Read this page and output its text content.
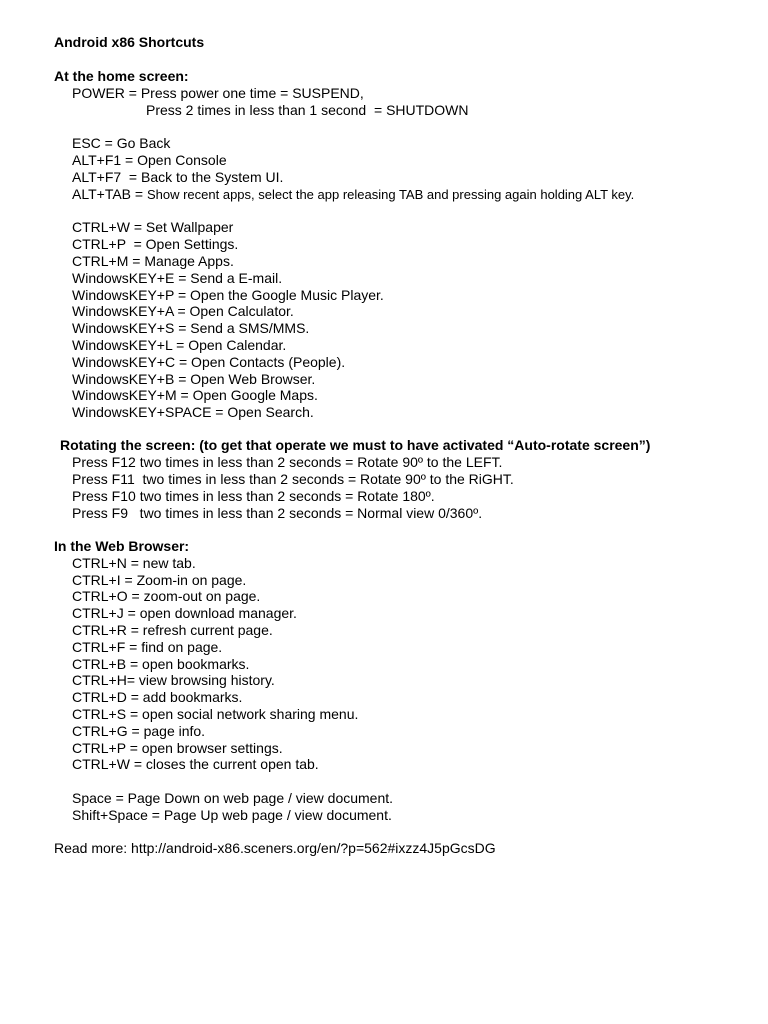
Android x86 Shortcuts
At the home screen:
POWER = Press power one time = SUSPEND,
Press 2 times in less than 1 second  = SHUTDOWN
ESC = Go Back
ALT+F1 = Open Console
ALT+F7  = Back to the System UI.
ALT+TAB = Show recent apps, select the app releasing TAB and pressing again holding ALT key.
CTRL+W = Set Wallpaper
CTRL+P  = Open Settings.
CTRL+M = Manage Apps.
WindowsKEY+E = Send a E-mail.
WindowsKEY+P = Open the Google Music Player.
WindowsKEY+A = Open Calculator.
WindowsKEY+S = Send a SMS/MMS.
WindowsKEY+L = Open Calendar.
WindowsKEY+C = Open Contacts (People).
WindowsKEY+B = Open Web Browser.
WindowsKEY+M = Open Google Maps.
WindowsKEY+SPACE = Open Search.
Rotating the screen: (to get that operate we must to have activated “Auto-rotate screen”)
Press F12 two times in less than 2 seconds = Rotate 90º to the LEFT.
Press F11  two times in less than 2 seconds = Rotate 90º to the RiGHT.
Press F10 two times in less than 2 seconds = Rotate 180º.
Press F9   two times in less than 2 seconds = Normal view 0/360º.
In the Web Browser:
CTRL+N = new tab.
CTRL+I = Zoom-in on page.
CTRL+O = zoom-out on page.
CTRL+J = open download manager.
CTRL+R = refresh current page.
CTRL+F = find on page.
CTRL+B = open bookmarks.
CTRL+H= view browsing history.
CTRL+D = add bookmarks.
CTRL+S = open social network sharing menu.
CTRL+G = page info.
CTRL+P = open browser settings.
CTRL+W = closes the current open tab.
Space = Page Down on web page / view document.
Shift+Space = Page Up web page / view document.
Read more: http://android-x86.sceners.org/en/?p=562#ixzz4J5pGcsDG
